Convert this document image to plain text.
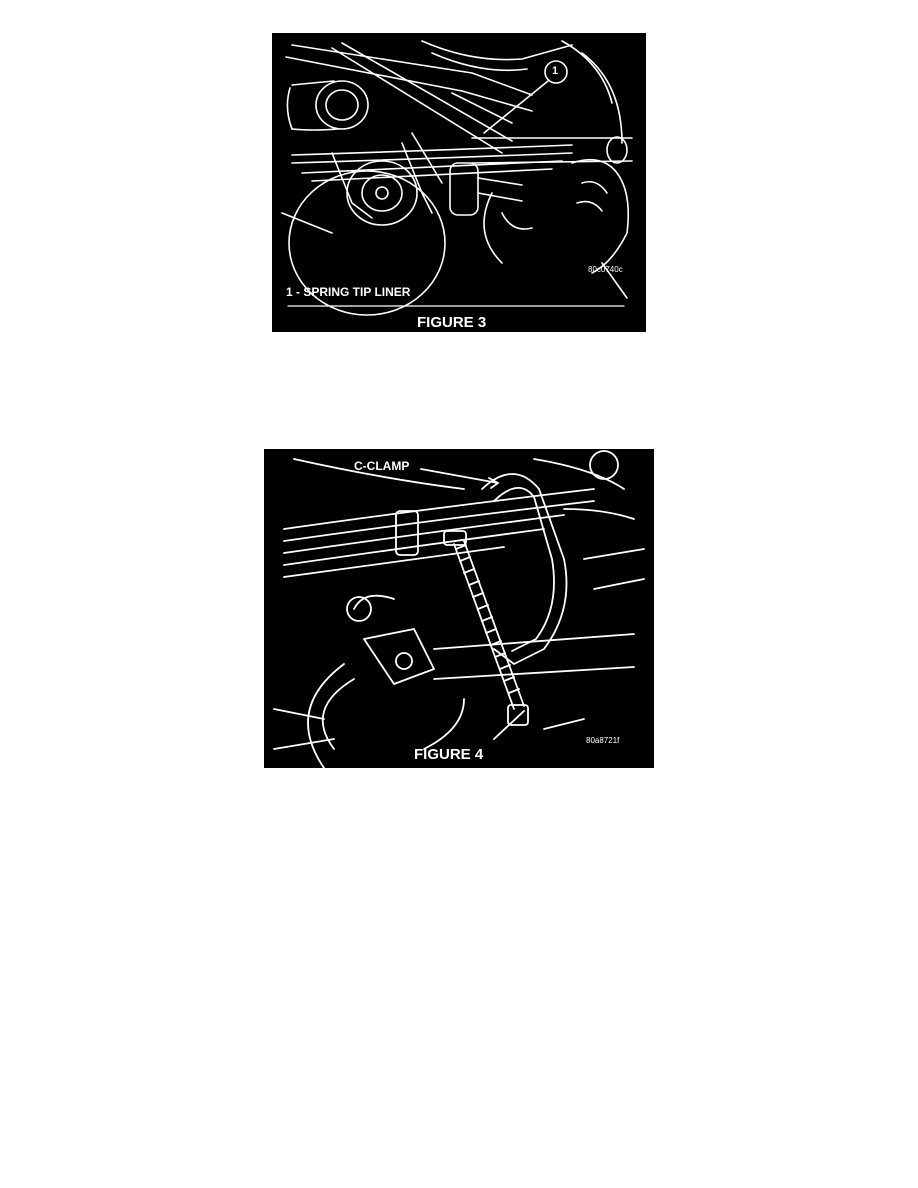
1
80c0740c
1 - SPRING TIP LINER
FIGURE 3
C-CLAMP
80a8721f
FIGURE 4
